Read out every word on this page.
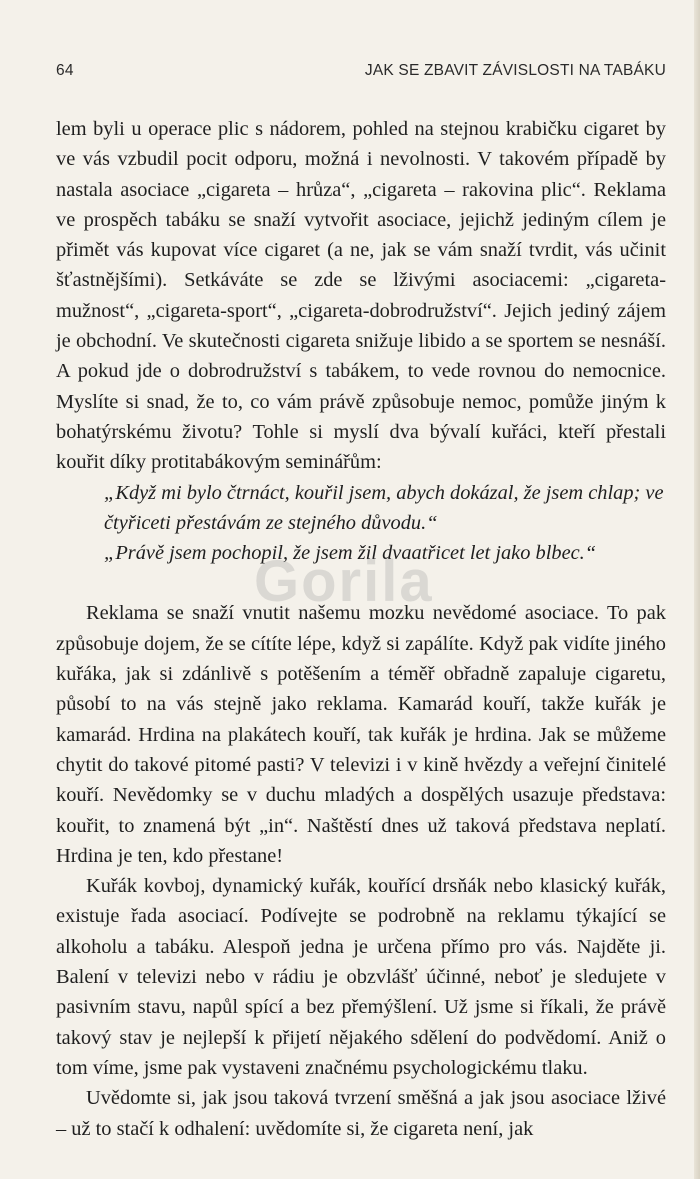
64	JAK SE ZBAVIT ZÁVISLOSTI NA TABÁKU

lem byli u operace plic s nádorem, pohled na stejnou krabičku cigaret by ve vás vzbudil pocit odporu, možná i nevolnosti. V takovém případě by nastala asociace „cigareta – hrůza“, „cigareta – rakovina plic“. Reklama ve prospěch tabáku se snaží vytvořit asociace, jejichž jediným cílem je přimět vás kupovat více cigaret (a ne, jak se vám snaží tvrdit, vás učinit šťastnějšími). Setkáváte se zde se lživými asociacemi: „cigareta-mužnost“, „cigareta-sport“, „cigareta-dobrodružství“. Jejich jediný zájem je obchodní. Ve skutečnosti cigareta snižuje libido a se sportem se nesnáší. A pokud jde o dobrodružství s tabákem, to vede rovnou do nemocnice. Myslíte si snad, že to, co vám právě způsobuje nemoc, pomůže jiným k bohatýrskému životu? Tohle si myslí dva bývalí kuřáci, kteří přestali kouřit díky protitabákovým seminářům:

„Když mi bylo čtrnáct, kouřil jsem, abych dokázal, že jsem chlap; ve čtyřiceti přestávám ze stejného důvodu.“

„Právě jsem pochopil, že jsem žil dvaatřicet let jako blbec.“

Reklama se snaží vnutit našemu mozku nevědomé asociace. To pak způsobuje dojem, že se cítíte lépe, když si zapálíte. Když pak vidíte jiného kuřáka, jak si zdánlivě s potěšením a téměř obřadně zapaluje cigaretu, působí to na vás stejně jako reklama. Kamarád kouří, takže kuřák je kamarád. Hrdina na plakátech kouří, tak kuřák je hrdina. Jak se můžeme chytit do takové pitomé pasti? V televizi i v kině hvězdy a veřejní činitelé kouří. Nevědomky se v duchu mladých a dospělých usazuje představa: kouřit, to znamená být „in“. Naštěstí dnes už taková představa neplatí. Hrdina je ten, kdo přestane!

Kuřák kovboj, dynamický kuřák, kouřící drsňák nebo klasický kuřák, existuje řada asociací. Podívejte se podrobně na reklamu týkající se alkoholu a tabáku. Alespoň jedna je určena přímo pro vás. Najděte ji. Balení v televizi nebo v rádiu je obzvlášť účinné, neboť je sledujete v pasivním stavu, napůl spící a bez přemýšlení. Už jsme si říkali, že právě takový stav je nejlepší k přijetí nějakého sdělení do podvědomí. Aniž o tom víme, jsme pak vystaveni značnému psychologickému tlaku.

Uvědomte si, jak jsou taková tvrzení směšná a jak jsou asociace lživé – už to stačí k odhalení: uvědomíte si, že cigareta není, jak

Gorila
